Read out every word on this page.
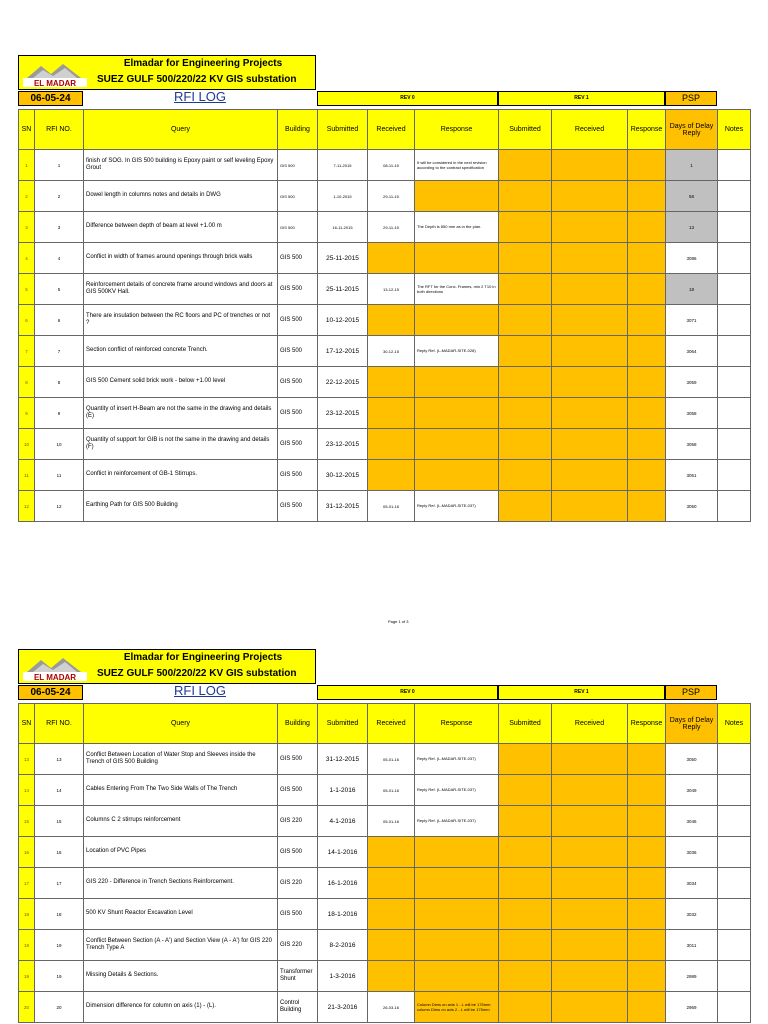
EL MADAR
Elmadar for Engineering Projects
SUEZ GULF 500/220/22 KV GIS substation
06-05-24	RFI LOG	REV 0	REV 1	PSP
SN	RFI NO.	Query	Building	Submitted	Received	Response	Submitted	Received	Response	Days of Delay Reply	Notes
1	1	finish of SOG. In GIS 500 building is Epoxy paint or self leveling Epoxy Grout	GIS 500	7-11-2015	08-11-15	It will be considered in the next revision according to the contract specification				1	
2	2	Dowel length in columns notes and details in DWG	GIS 500	1-10-2015	29-11-15					58	
3	3	Difference between depth of beam at level +1.00 m	GIS 500	16-11-2015	29-11-15	The Depth is 850 mm as in the plan.				13	
4	4	Conflict in width of frames around openings through brick walls	GIS 500	25-11-2015						3086	
5	5	Reinforcement details of concrete frame around windows and doors at GIS 500KV Hall.	GIS 500	25-11-2015	13-12-15	The RFT for the Conc. Frames, min 2 T10 in both directions				18	
6	6	There are insulation between the RC floors and PC of trenches or not ?	GIS 500	10-12-2015						3071	
7	7	Section conflict of reinforced concrete Trench.	GIS 500	17-12-2015	30-12-15	Reply Ref. (L-MADAR-SITE-028)				3064	
8	8	GIS 500 Cement solid brick work - below +1.00 level	GIS 500	22-12-2015						3059	
9	9	Quantity of insert H-Beam are not the same in the drawing and details (E)	GIS 500	23-12-2015						3058	
10	10	Quantity of support for GIB is not the same in the drawing and details (F)	GIS 500	23-12-2015						3058	
11	11	Conflict in reinforcement of GB-1 Stirrups.	GIS 500	30-12-2015						3051	
12	12	Earthing Path for GIS 500 Building	GIS 500	31-12-2015	05-01-16	Reply Ref. (L-MADAR-SITE-037)				3050	
Page 1 of 3
EL MADAR
Elmadar for Engineering Projects
SUEZ GULF 500/220/22 KV GIS substation
06-05-24	RFI LOG	REV 0	REV 1	PSP
SN	RFI NO.	Query	Building	Submitted	Received	Response	Submitted	Received	Response	Days of Delay Reply	Notes
13	13	Conflict Between Location of Water Stop and Sleeves inside the Trench of GIS 500 Building	GIS 500	31-12-2015	05-01-16	Reply Ref. (L-MADAR-SITE-037)				3050	
14	14	Cables Entering From The Two Side Walls of The Trench	GIS 500	1-1-2016	05-01-16	Reply Ref. (L-MADAR-SITE-037)				3049	
15	15	Columns C 2 stirrups reinforcement	GIS 220	4-1-2016	05-01-16	Reply Ref. (L-MADAR-SITE-037)				3046	
16	16	Location of PVC Pipes	GIS 500	14-1-2016						3036	
17	17	GIS 220 - Difference in Trench Sections Reinforcement.	GIS 220	16-1-2016						3034	
18	18	500 KV Shunt Reactor Excavation Level	GIS 500	18-1-2016						3032	
19	19	Conflict Between Section (A - A') and Section View (A - A') for GIS 220 Trench Type A	GIS 220	8-2-2016						3011	
19	19	Missing Details & Sections.	Transformer Shunt	1-3-2016						2989	
20	20	Dimension difference for column on axis (1) - (L).	Control Building	21-3-2016	26-03-16	Column Dims on axis 1 - L will be 175mm column Dims on axis 2 - L will be 175mm				2969	
